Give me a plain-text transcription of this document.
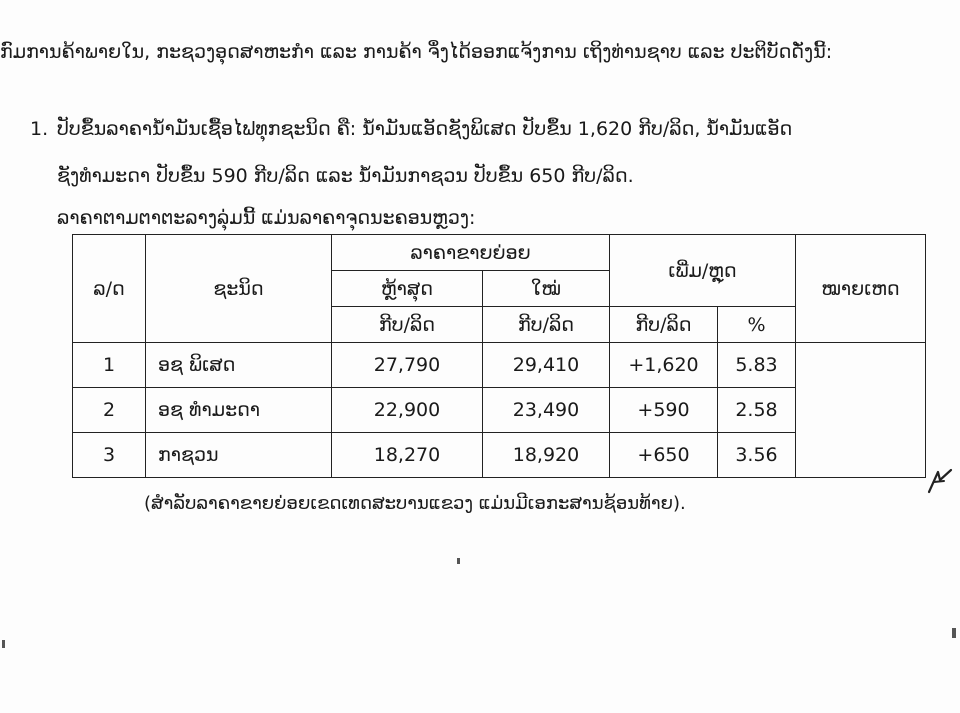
ກົມການຄ້າພາຍໃນ, ກະຊວງອຸດສາຫະກຳ ແລະ ການຄ້າ ຈຶ່ງໄດ້ອອກແຈ້ງການ ເຖິງທ່ານຊາບ ແລະ ປະຕິບັດດັ່ງນີ້:
1. ປັບຂຶ້ນລາຄານ້ຳມັນເຊື້ອໄຟທຸກຊະນິດ ຄື: ນ້ຳມັນແອັດຊັງພິເສດ ປັບຂຶ້ນ 1,620 ກີບ/ລິດ, ນ້ຳມັນແອັດ
ຊັງທຳມະດາ ປັບຂຶ້ນ 590 ກີບ/ລິດ ແລະ ນ້ຳມັນກາຊວນ ປັບຂຶ້ນ 650 ກີບ/ລິດ.
ລາຄາຕາມຕາຕະລາງລຸ່ມນີ້ ແມ່ນລາຄາຈຸດນະຄອນຫຼວງ:
ລ/ດ	ຊະນິດ	ລາຄາຂາຍຍ່ອຍ		ເພີ່ມ/ຫຼຸດ		ໝາຍເຫດ
		ຫຼ້າສຸດ	ໃໝ່			
		ກີບ/ລິດ	ກີບ/ລິດ	ກີບ/ລິດ	%	
1	ອຊ ພິເສດ	27,790	29,410	+1,620	5.83	
2	ອຊ ທຳມະດາ	22,900	23,490	+590	2.58	
3	ກາຊວນ	18,270	18,920	+650	3.56	
(ສຳລັບລາຄາຂາຍຍ່ອຍເຂດເທດສະບານແຂວງ ແມ່ນມີເອກະສານຊ້ອນທ້າຍ).
